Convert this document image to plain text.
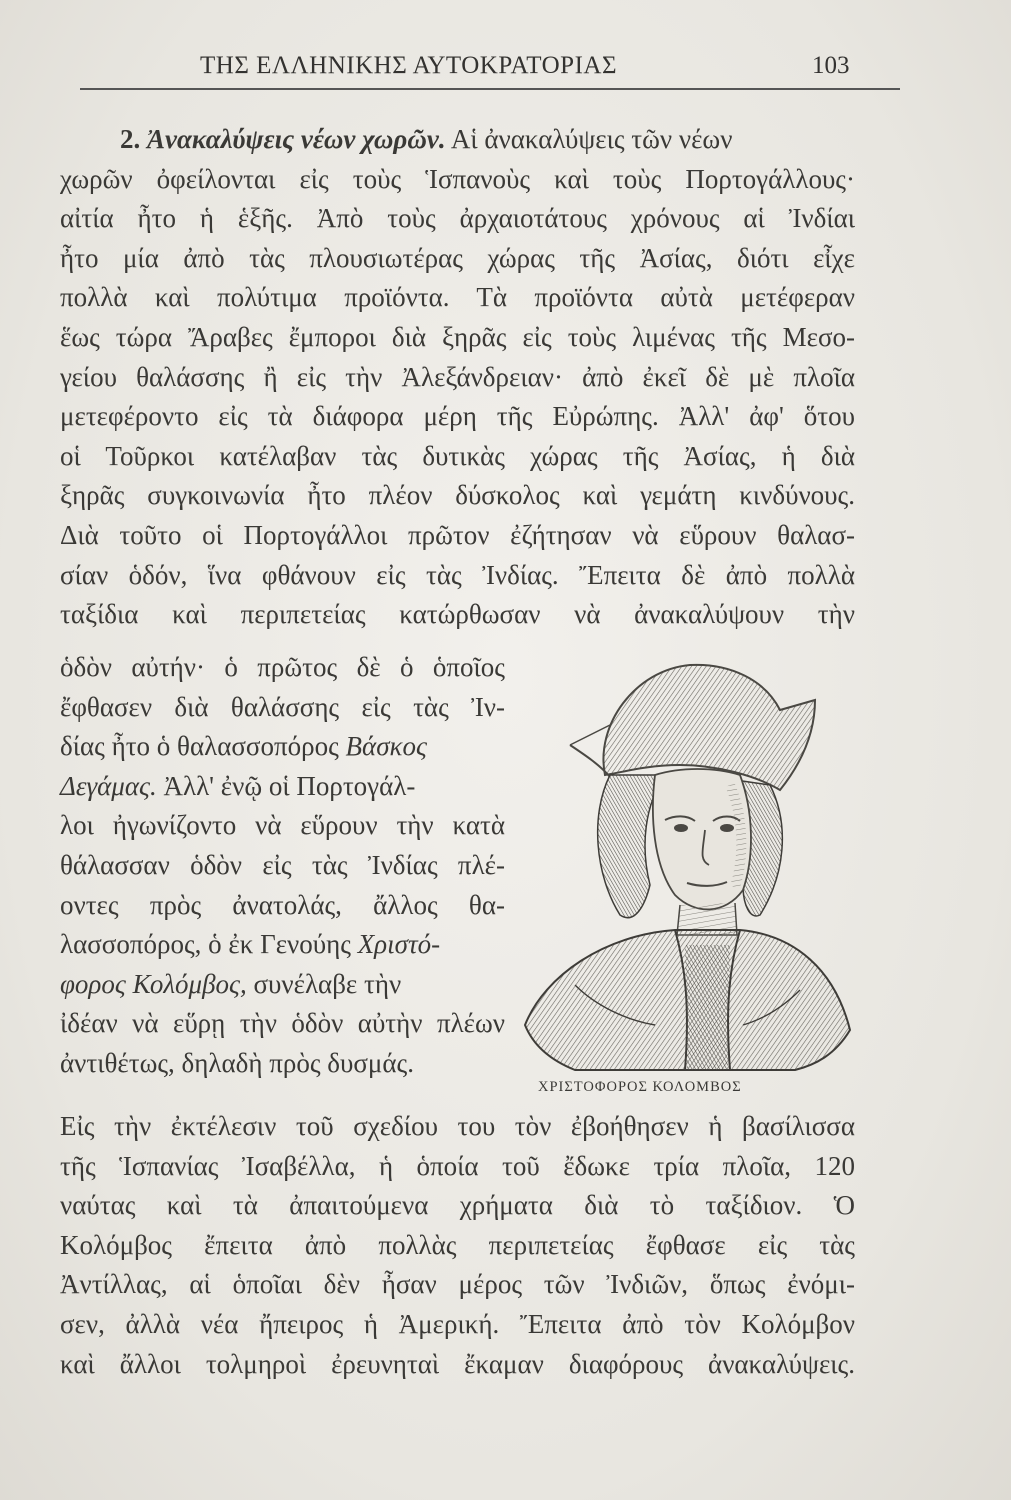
ΤΗΣ ΕΛΛΗΝΙΚΗΣ ΑΥΤΟΚΡΑΤΟΡΙΑΣ	103
2. Ἀνακαλύψεις νέων χωρῶν. Αἱ ἀνακαλύψεις τῶν νέων
χωρῶν ὀφείλονται εἰς τοὺς Ἱσπανοὺς καὶ τοὺς Πορτογάλλους·
αἰτία ἦτο ἡ ἑξῆς. Ἀπὸ τοὺς ἀρχαιοτάτους χρόνους αἱ Ἰνδίαι
ἦτο μία ἀπὸ τὰς πλουσιωτέρας χώρας τῆς Ἀσίας, διότι εἶχε
πολλὰ καὶ πολύτιμα προϊόντα. Τὰ προϊόντα αὐτὰ μετέφεραν
ἕως τώρα Ἄραβες ἔμποροι διὰ ξηρᾶς εἰς τοὺς λιμένας τῆς Μεσο-
γείου θαλάσσης ἢ εἰς τὴν Ἀλεξάνδρειαν· ἀπὸ ἐκεῖ δὲ μὲ πλοῖα
μετεφέροντο εἰς τὰ διάφορα μέρη τῆς Εὐρώπης. Ἀλλ' ἀφ' ὅτου
οἱ Τοῦρκοι κατέλαβαν τὰς δυτικὰς χώρας τῆς Ἀσίας, ἡ διὰ
ξηρᾶς συγκοινωνία ἦτο πλέον δύσκολος καὶ γεμάτη κινδύνους.
Διὰ τοῦτο οἱ Πορτογάλλοι πρῶτον ἐζήτησαν νὰ εὕρουν θαλασ-
σίαν ὁδόν, ἵνα φθάνουν εἰς τὰς Ἰνδίας. Ἔπειτα δὲ ἀπὸ πολλὰ
ταξίδια καὶ περιπετείας κατώρθωσαν νὰ ἀνακαλύψουν τὴν
ὁδὸν αὐτήν· ὁ πρῶτος δὲ ὁ ὁποῖος
ἔφθασεν διὰ θαλάσσης εἰς τὰς Ἰν-
δίας ἦτο ὁ θαλασσοπόρος Βάσκος
Δεγάμας. Ἀλλ' ἐνῷ οἱ Πορτογάλ-
λοι ἠγωνίζοντο νὰ εὕρουν τὴν κατὰ
θάλασσαν ὁδὸν εἰς τὰς Ἰνδίας πλέ-
οντες πρὸς ἀνατολάς, ἄλλος θα-
λασσοπόρος, ὁ ἐκ Γενούης Χριστό-
φορος Κολόμβος, συνέλαβε τὴν
ἰδέαν νὰ εὕρῃ τὴν ὁδὸν αὐτὴν πλέων
ἀντιθέτως, δηλαδὴ πρὸς δυσμάς.
ΧΡΙΣΤΟΦΟΡΟΣ ΚΟΛΟΜΒΟΣ
Εἰς τὴν ἐκτέλεσιν τοῦ σχεδίου του τὸν ἐβοήθησεν ἡ βασίλισσα
τῆς Ἱσπανίας Ἰσαβέλλα, ἡ ὁποία τοῦ ἔδωκε τρία πλοῖα, 120
ναύτας καὶ τὰ ἀπαιτούμενα χρήματα διὰ τὸ ταξίδιον. Ὁ
Κολόμβος ἔπειτα ἀπὸ πολλὰς περιπετείας ἔφθασε εἰς τὰς
Ἀντίλλας, αἱ ὁποῖαι δὲν ἦσαν μέρος τῶν Ἰνδιῶν, ὅπως ἐνόμι-
σεν, ἀλλὰ νέα ἤπειρος ἡ Ἀμερική. Ἔπειτα ἀπὸ τὸν Κολόμβον
καὶ ἄλλοι τολμηροὶ ἐρευνηταὶ ἔκαμαν διαφόρους ἀνακαλύψεις.
